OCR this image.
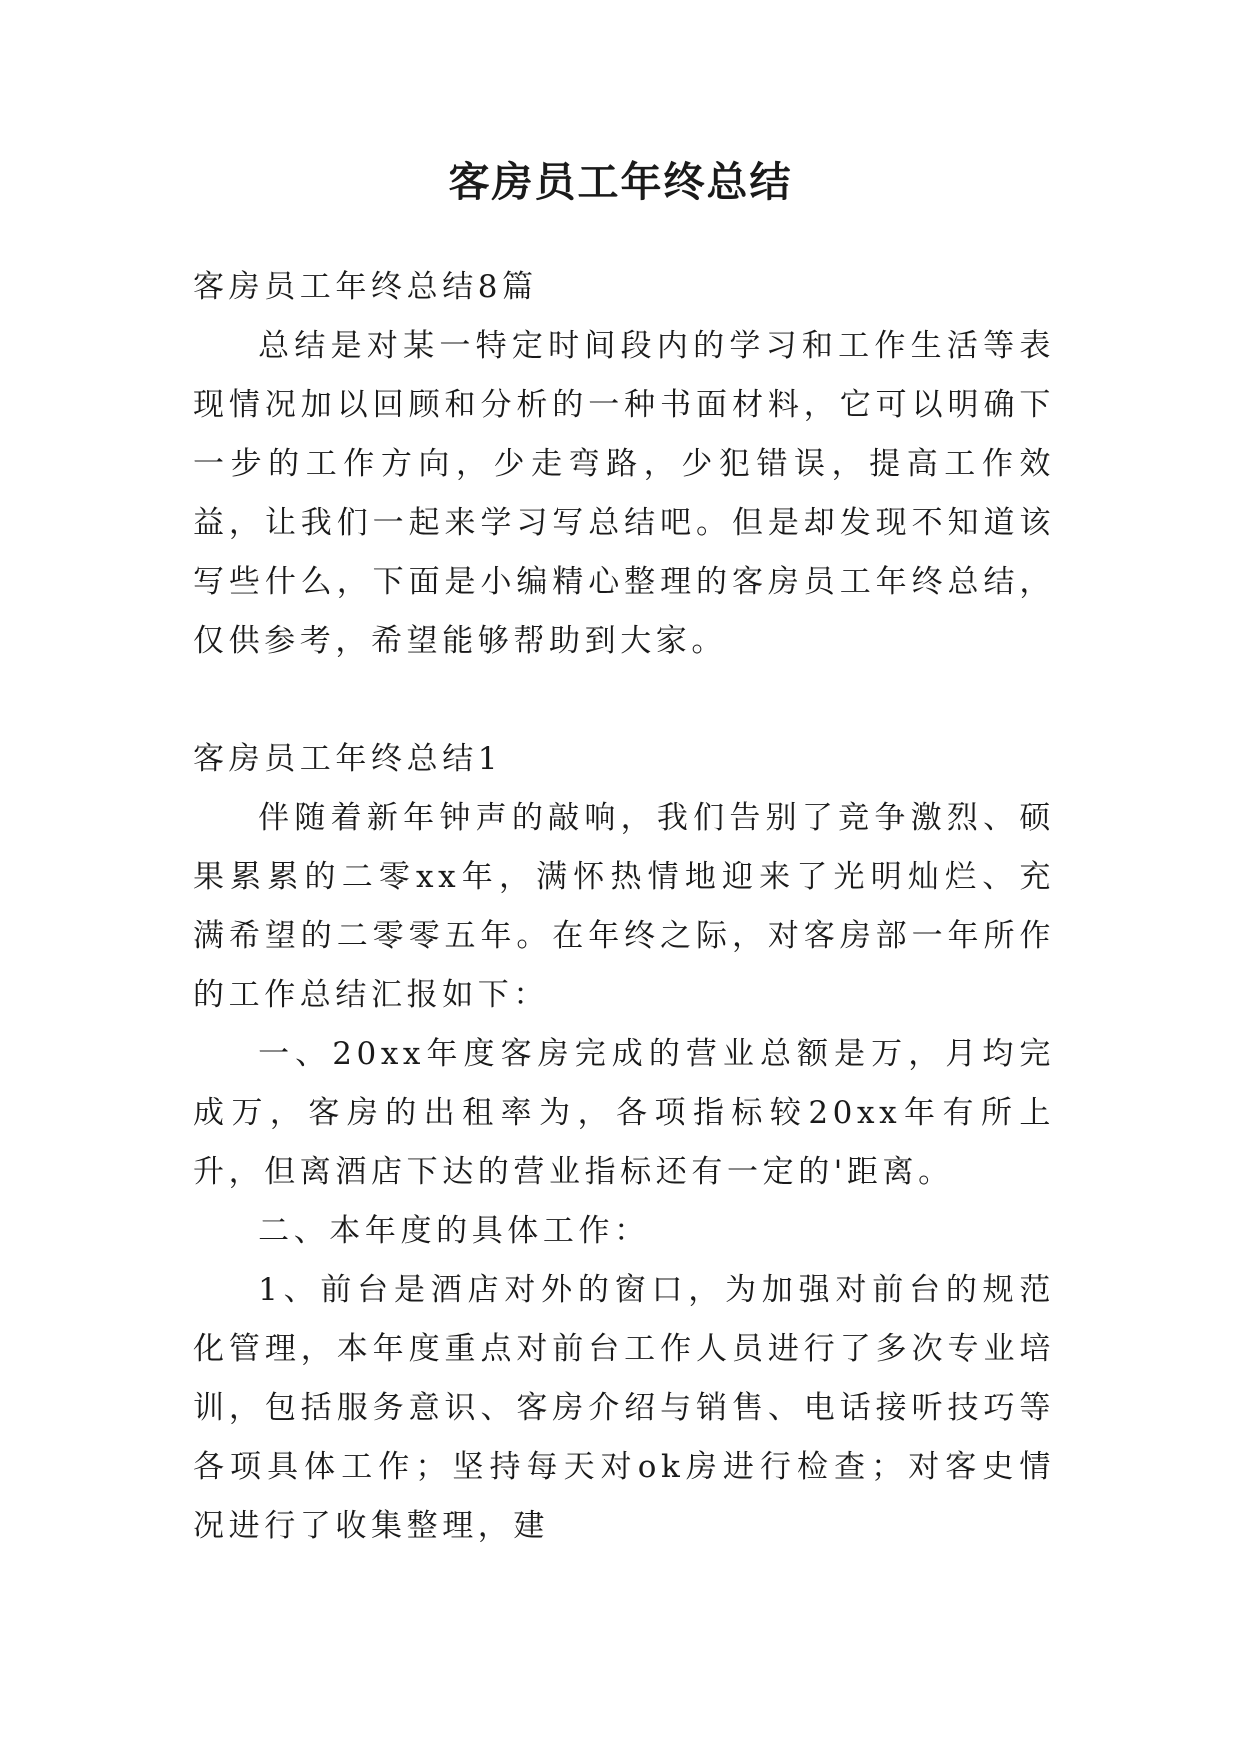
客房员工年终总结

客房员工年终总结8篇

总结是对某一特定时间段内的学习和工作生活等表现情况加以回顾和分析的一种书面材料，它可以明确下一步的工作方向，少走弯路，少犯错误，提高工作效益，让我们一起来学习写总结吧。但是却发现不知道该写些什么，下面是小编精心整理的客房员工年终总结，仅供参考，希望能够帮助到大家。

客房员工年终总结1

伴随着新年钟声的敲响，我们告别了竞争激烈、硕果累累的二零xx年，满怀热情地迎来了光明灿烂、充满希望的二零零五年。在年终之际，对客房部一年所作的工作总结汇报如下：

一、20xx年度客房完成的营业总额是万，月均完成万，客房的出租率为，各项指标较20xx年有所上升，但离酒店下达的营业指标还有一定的'距离。

二、本年度的具体工作：

1、前台是酒店对外的窗口，为加强对前台的规范化管理，本年度重点对前台工作人员进行了多次专业培训，包括服务意识、客房介绍与销售、电话接听技巧等各项具体工作；坚持每天对ok房进行检查；对客史情况进行了收集整理，建
